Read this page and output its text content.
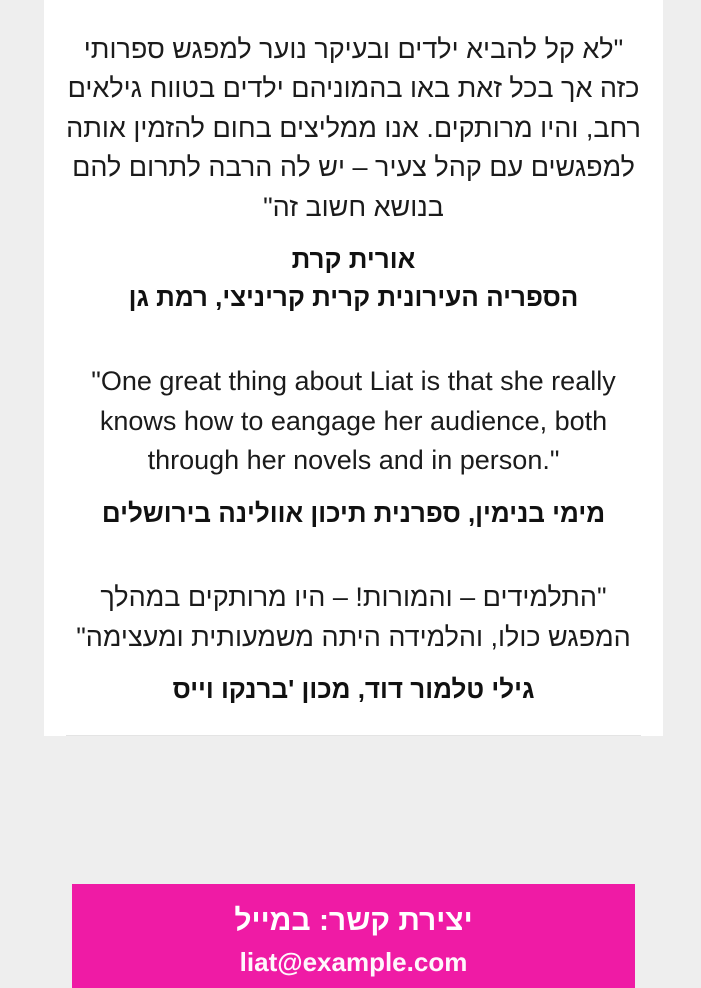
"לא קל להביא ילדים ובעיקר נוער למפגש ספרותי כזה אך בכל זאת באו בהמוניהם ילדים בטווח גילאים רחב, והיו מרותקים. אנו ממליצים בחום להזמין אותה למפגשים עם קהל צעיר – יש לה הרבה לתרום להם בנושא חשוב זה"

אורית קרת

הספריה העירונית קרית קריניצי, רמת גן

"One great thing about Liat is that she really knows how to eangage her audience, both through her novels and in person."

מימי בנימין, ספרנית תיכון אוולינה בירושלים

"התלמידים – והמורות! – היו מרותקים במהלך המפגש כולו, והלמידה היתה משמעותית ומעצימה"

גילי טלמור דוד, מכון 'ברנקו וייס

יצירת קשר: במייל
liat@example.com
